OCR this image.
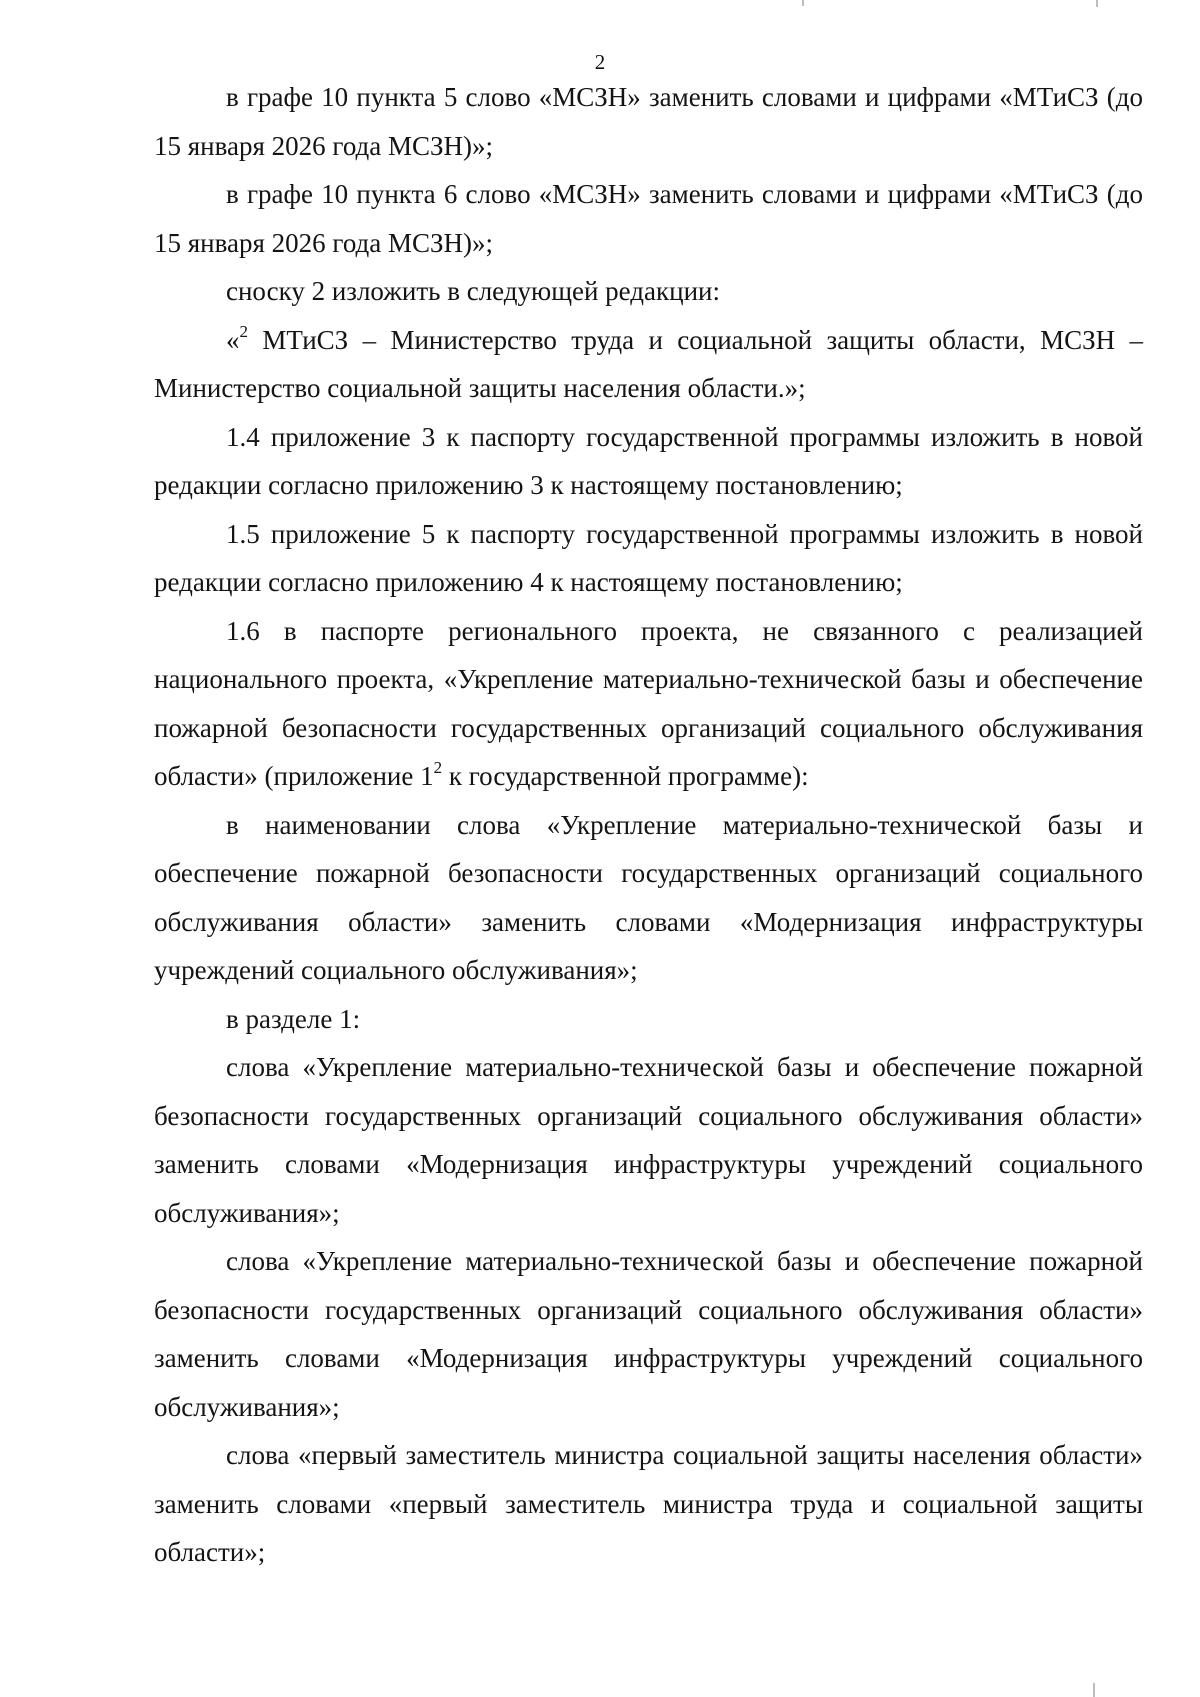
2

в графе 10 пункта 5 слово «МСЗН» заменить словами и цифрами «МТиСЗ (до 15 января 2026 года МСЗН)»;

в графе 10 пункта 6 слово «МСЗН» заменить словами и цифрами «МТиСЗ (до 15 января 2026 года МСЗН)»;

сноску 2 изложить в следующей редакции:

«$^2$ МТиСЗ – Министерство труда и социальной защиты области, МСЗН – Министерство социальной защиты населения области.»;

1.4 приложение 3 к паспорту государственной программы изложить в новой редакции согласно приложению 3 к настоящему постановлению;

1.5 приложение 5 к паспорту государственной программы изложить в новой редакции согласно приложению 4 к настоящему постановлению;

1.6 в паспорте регионального проекта, не связанного с реализацией национального проекта, «Укрепление материально-технической базы и обеспечение пожарной безопасности государственных организаций социального обслуживания области» (приложение $1^2$ к государственной программе):

в наименовании слова «Укрепление материально-технической базы и обеспечение пожарной безопасности государственных организаций социального обслуживания области» заменить словами «Модернизация инфраструктуры учреждений социального обслуживания»;

в разделе 1:

слова «Укрепление материально-технической базы и обеспечение пожарной безопасности государственных организаций социального обслуживания области» заменить словами «Модернизация инфраструктуры учреждений социального обслуживания»;

слова «Укрепление материально-технической базы и обеспечение пожарной безопасности государственных организаций социального обслуживания области» заменить словами «Модернизация инфраструктуры учреждений социального обслуживания»;

слова «первый заместитель министра социальной защиты населения области» заменить словами «первый заместитель министра труда и социальной защиты области»;
